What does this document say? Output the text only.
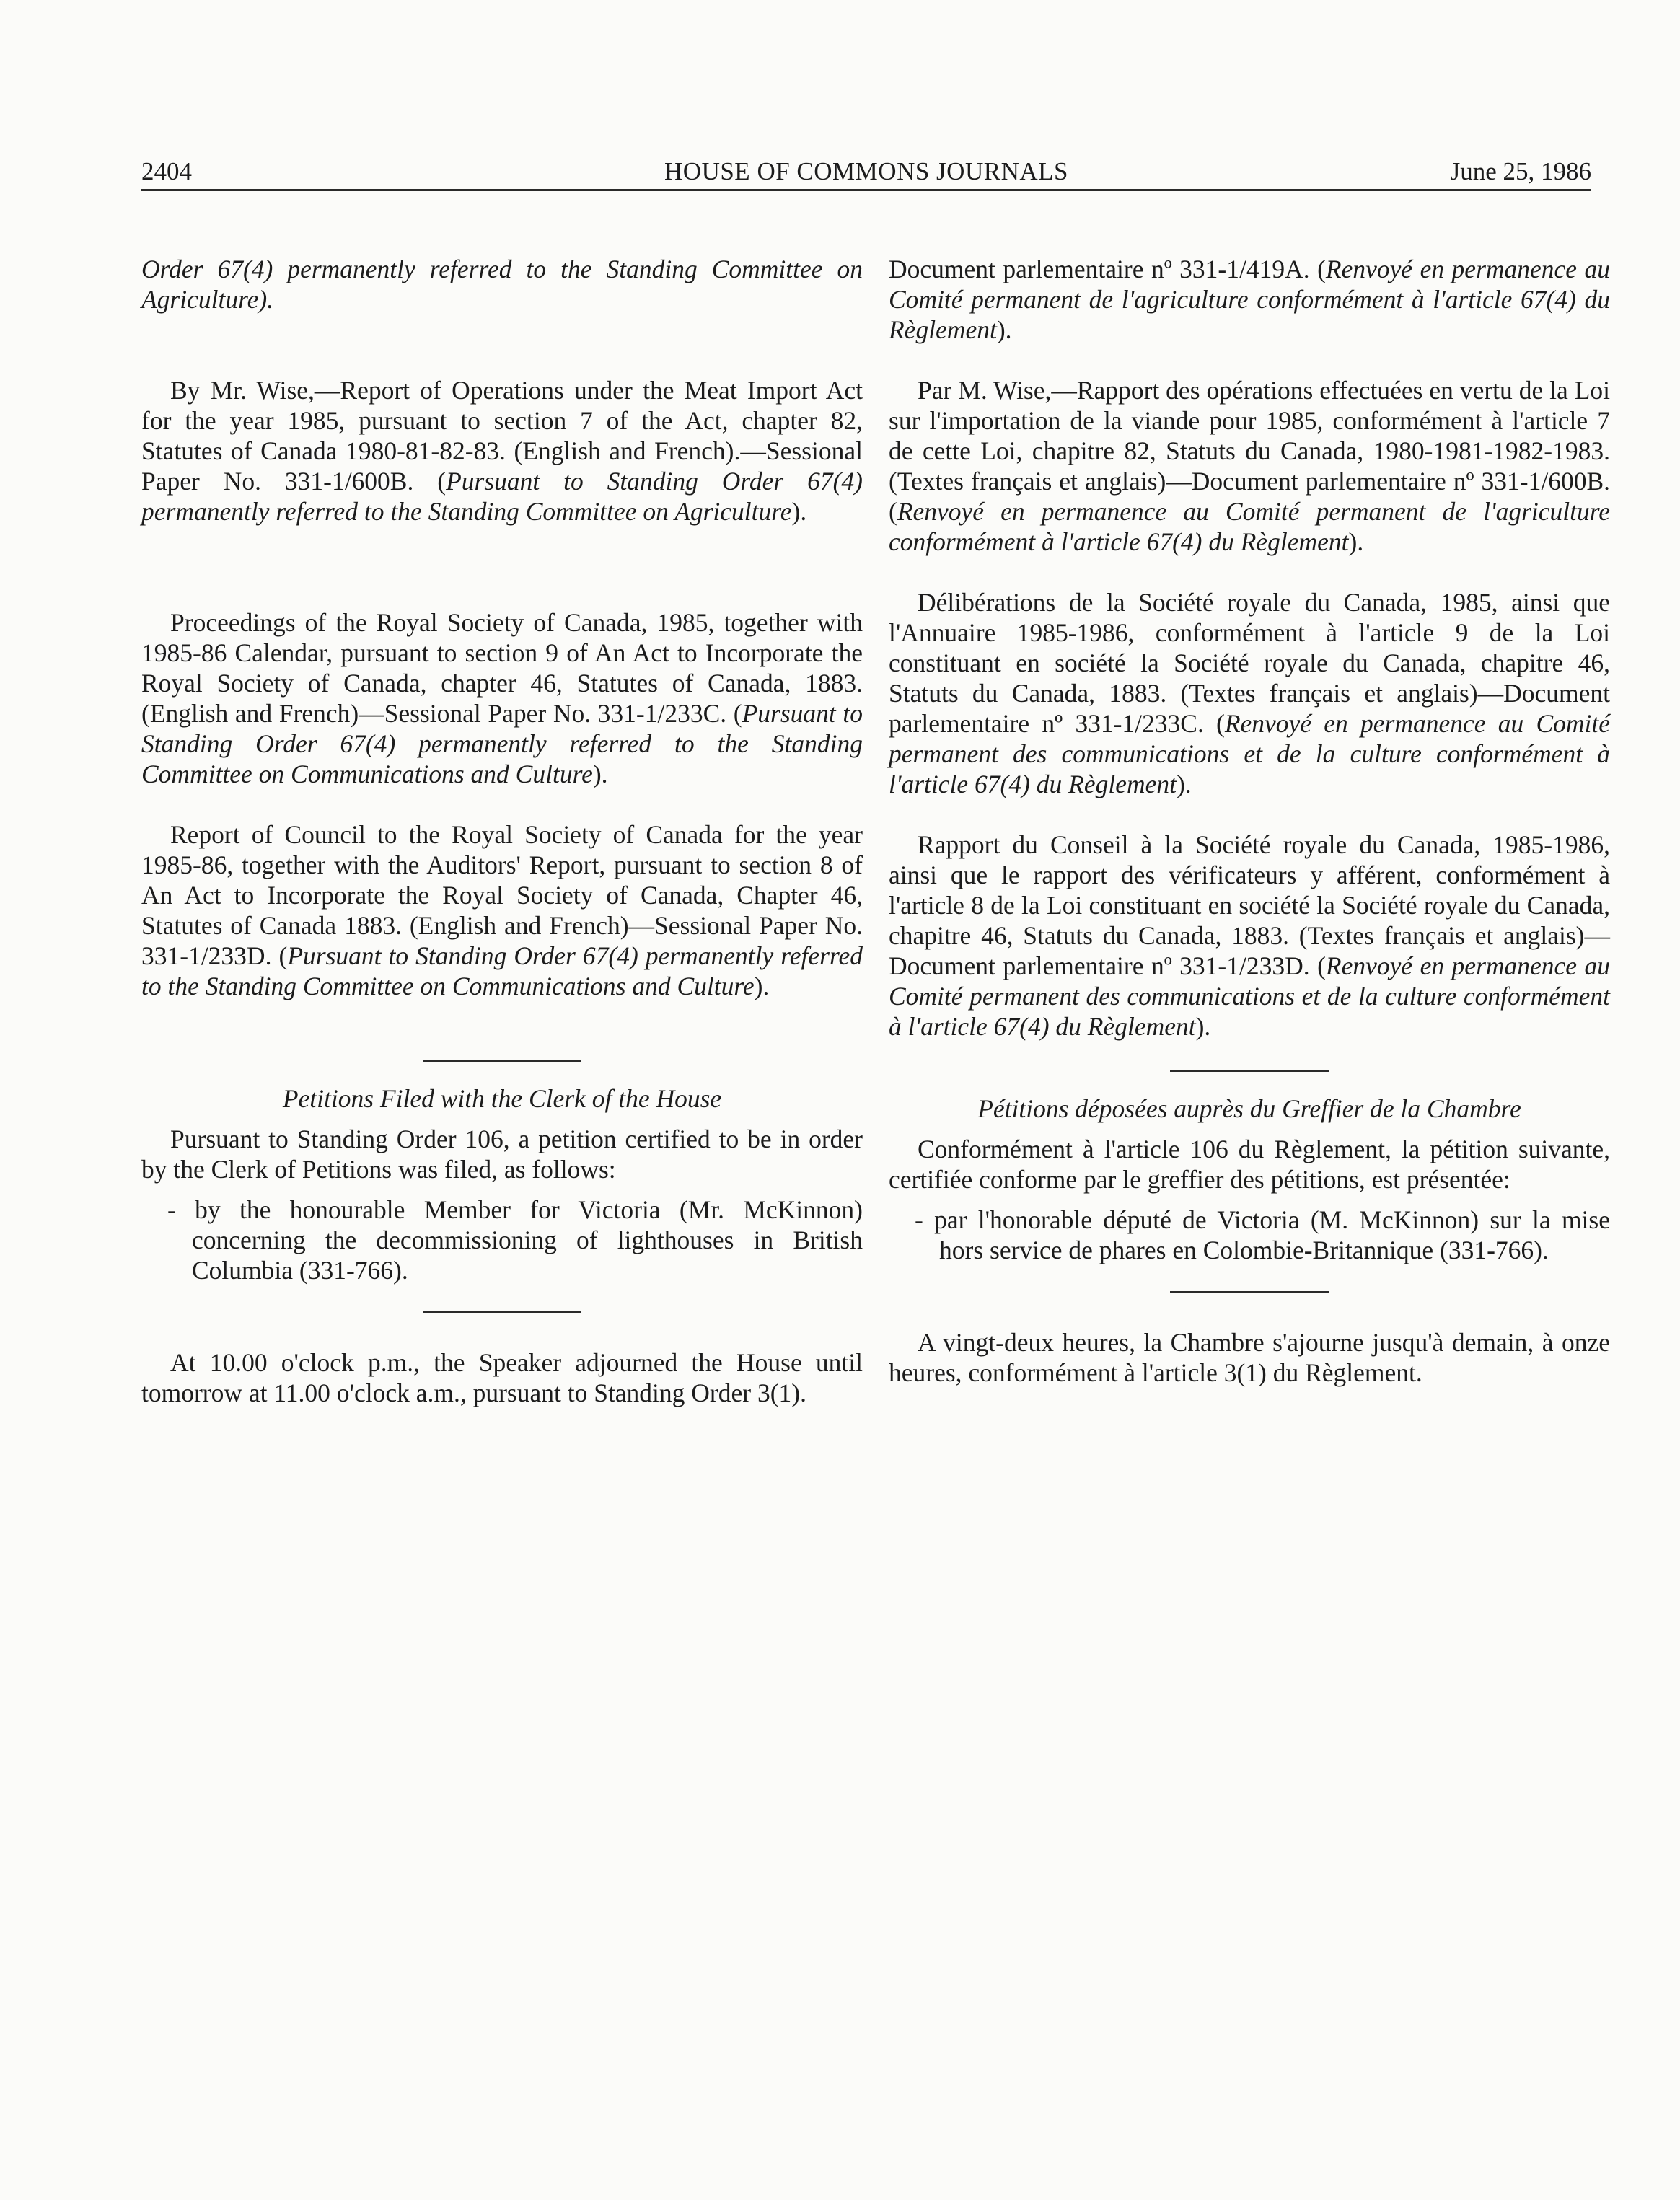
2404	HOUSE OF COMMONS JOURNALS	June 25, 1986

Order 67(4) permanently referred to the Standing Committee on Agriculture).

By Mr. Wise,—Report of Operations under the Meat Import Act for the year 1985, pursuant to section 7 of the Act, chapter 82, Statutes of Canada 1980-81-82-83. (English and French).—Sessional Paper No. 331-1/600B. (Pursuant to Standing Order 67(4) permanently referred to the Standing Committee on Agriculture).

Proceedings of the Royal Society of Canada, 1985, together with 1985-86 Calendar, pursuant to section 9 of An Act to Incorporate the Royal Society of Canada, chapter 46, Statutes of Canada, 1883. (English and French)—Sessional Paper No. 331-1/233C. (Pursuant to Standing Order 67(4) permanently referred to the Standing Committee on Communications and Culture).

Report of Council to the Royal Society of Canada for the year 1985-86, together with the Auditors' Report, pursuant to section 8 of An Act to Incorporate the Royal Society of Canada, Chapter 46, Statutes of Canada 1883. (English and French)—Sessional Paper No. 331-1/233D. (Pursuant to Standing Order 67(4) permanently referred to the Standing Committee on Communications and Culture).

Petitions Filed with the Clerk of the House

Pursuant to Standing Order 106, a petition certified to be in order by the Clerk of Petitions was filed, as follows:

- by the honourable Member for Victoria (Mr. McKinnon) concerning the decommissioning of lighthouses in British Columbia (331-766).

At 10.00 o'clock p.m., the Speaker adjourned the House until tomorrow at 11.00 o'clock a.m., pursuant to Standing Order 3(1).

Document parlementaire nº 331-1/419A. (Renvoyé en permanence au Comité permanent de l'agriculture conformément à l'article 67(4) du Règlement).

Par M. Wise,—Rapport des opérations effectuées en vertu de la Loi sur l'importation de la viande pour 1985, conformément à l'article 7 de cette Loi, chapitre 82, Statuts du Canada, 1980-1981-1982-1983. (Textes français et anglais)—Document parlementaire nº 331-1/600B. (Renvoyé en permanence au Comité permanent de l'agriculture conformément à l'article 67(4) du Règlement).

Délibérations de la Société royale du Canada, 1985, ainsi que l'Annuaire 1985-1986, conformément à l'article 9 de la Loi constituant en société la Société royale du Canada, chapitre 46, Statuts du Canada, 1883. (Textes français et anglais)—Document parlementaire nº 331-1/233C. (Renvoyé en permanence au Comité permanent des communications et de la culture conformément à l'article 67(4) du Règlement).

Rapport du Conseil à la Société royale du Canada, 1985-1986, ainsi que le rapport des vérificateurs y afférent, conformément à l'article 8 de la Loi constituant en société la Société royale du Canada, chapitre 46, Statuts du Canada, 1883. (Textes français et anglais)—Document parlementaire nº 331-1/233D. (Renvoyé en permanence au Comité permanent des communications et de la culture conformément à l'article 67(4) du Règlement).

Pétitions déposées auprès du Greffier de la Chambre

Conformément à l'article 106 du Règlement, la pétition suivante, certifiée conforme par le greffier des pétitions, est présentée:

- par l'honorable député de Victoria (M. McKinnon) sur la mise hors service de phares en Colombie-Britannique (331-766).

A vingt-deux heures, la Chambre s'ajourne jusqu'à demain, à onze heures, conformément à l'article 3(1) du Règlement.
